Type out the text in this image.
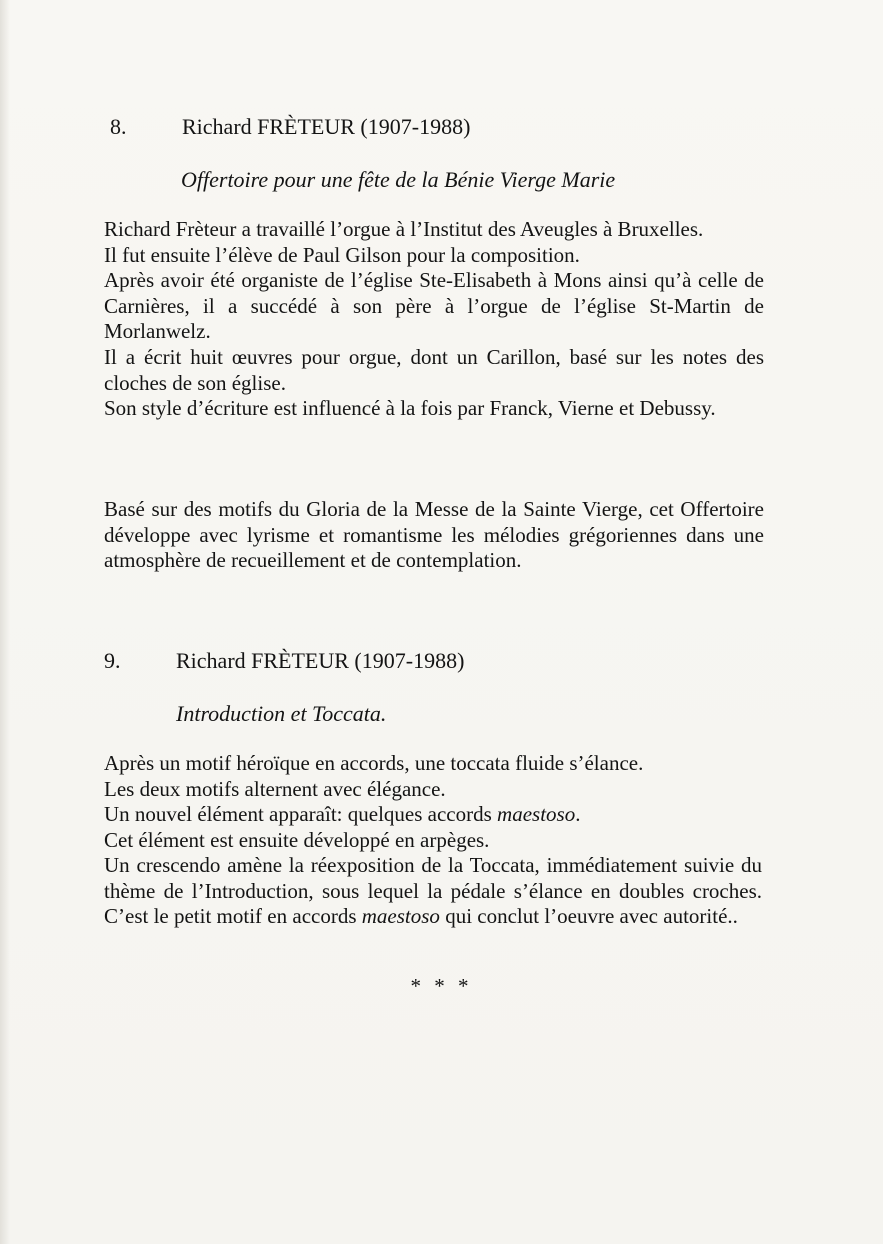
8.	Richard FRÈTEUR (1907-1988)
Offertoire pour une fête de la Bénie Vierge Marie

Richard Frèteur a travaillé l’orgue à l’Institut des Aveugles à Bruxelles.

Il fut ensuite l’élève de Paul Gilson pour la composition.

Après avoir été organiste de l’église Ste-Elisabeth à Mons ainsi qu’à celle de Carnières, il a succédé à son père à l’orgue de l’église St-Martin de Morlanwelz.

Il a écrit huit œuvres pour orgue, dont un Carillon, basé sur les notes des cloches de son église.

Son style d’écriture est influencé à la fois par Franck, Vierne et Debussy.

Basé sur des motifs du Gloria de la Messe de la Sainte Vierge, cet Offertoire développe avec lyrisme et romantisme les mélodies grégoriennes dans une atmosphère de recueillement et de contemplation.

9.	Richard FRÈTEUR (1907-1988)
Introduction et Toccata.

Après un motif héroïque en accords, une toccata fluide s’élance.

Les deux motifs alternent avec élégance.

Un nouvel élément apparaît: quelques accords maestoso.

Cet élément est ensuite développé en arpèges.

Un crescendo amène la réexposition de la Toccata, immédiatement suivie du thème de l’Introduction, sous lequel la pédale s’élance en doubles croches. C’est le petit motif en accords maestoso qui conclut l’oeuvre avec autorité..

* * *
